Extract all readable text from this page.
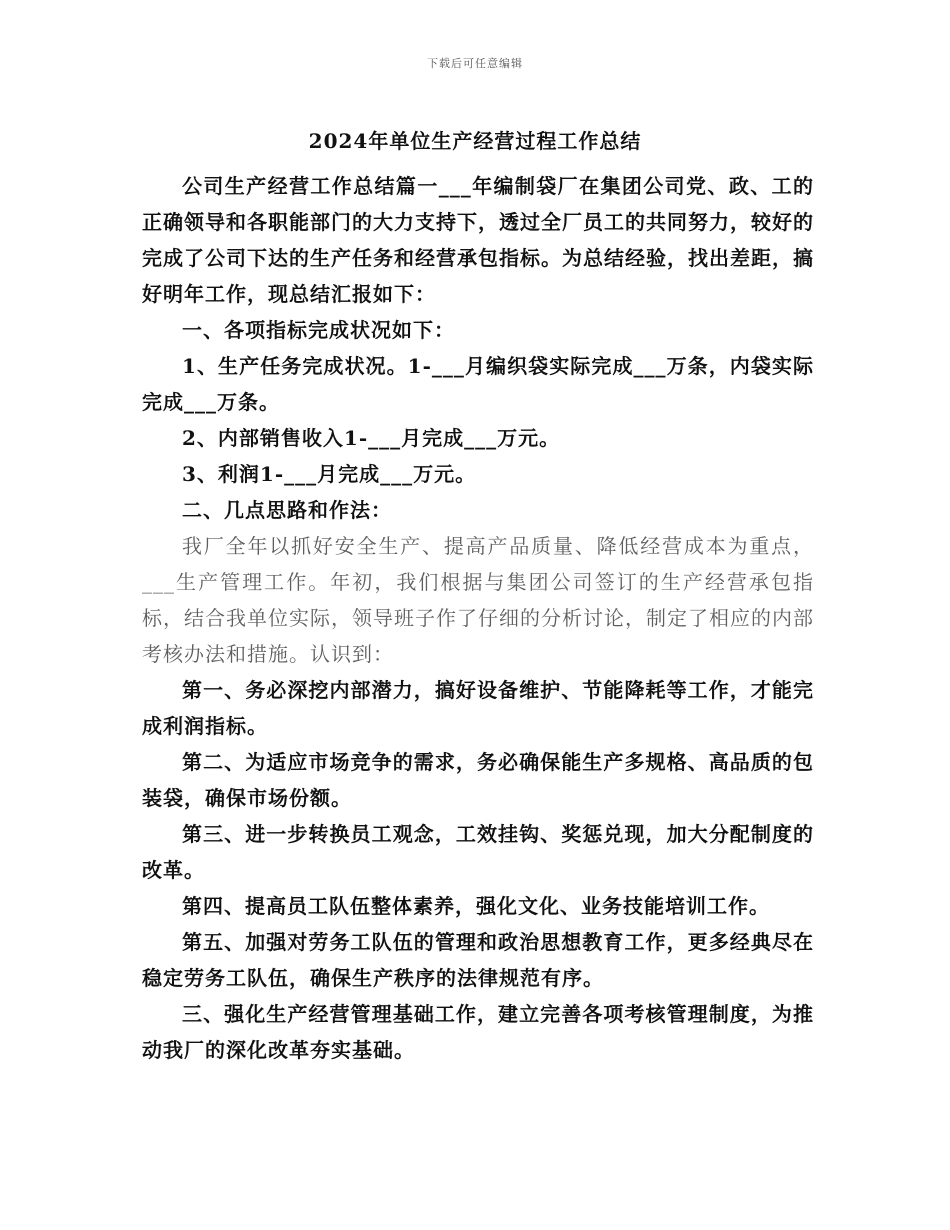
下载后可任意编辑
2024年单位生产经营过程工作总结

公司生产经营工作总结篇一___年编制袋厂在集团公司党、政、工的正确领导和各职能部门的大力支持下，透过全厂员工的共同努力，较好的完成了公司下达的生产任务和经营承包指标。为总结经验，找出差距，搞好明年工作，现总结汇报如下：

一、各项指标完成状况如下：

1、生产任务完成状况。1-___月编织袋实际完成___万条，内袋实际完成___万条。

2、内部销售收入1-___月完成___万元。

3、利润1-___月完成___万元。

二、几点思路和作法：

我厂全年以抓好安全生产、提高产品质量、降低经营成本为重点，___生产管理工作。年初，我们根据与集团公司签订的生产经营承包指标，结合我单位实际，领导班子作了仔细的分析讨论，制定了相应的内部考核办法和措施。认识到：

第一、务必深挖内部潜力，搞好设备维护、节能降耗等工作，才能完成利润指标。

第二、为适应市场竞争的需求，务必确保能生产多规格、高品质的包装袋，确保市场份额。

第三、进一步转换员工观念，工效挂钩、奖惩兑现，加大分配制度的改革。

第四、提高员工队伍整体素养，强化文化、业务技能培训工作。

第五、加强对劳务工队伍的管理和政治思想教育工作，更多经典尽在稳定劳务工队伍，确保生产秩序的法律规范有序。

三、强化生产经营管理基础工作，建立完善各项考核管理制度，为推动我厂的深化改革夯实基础。
